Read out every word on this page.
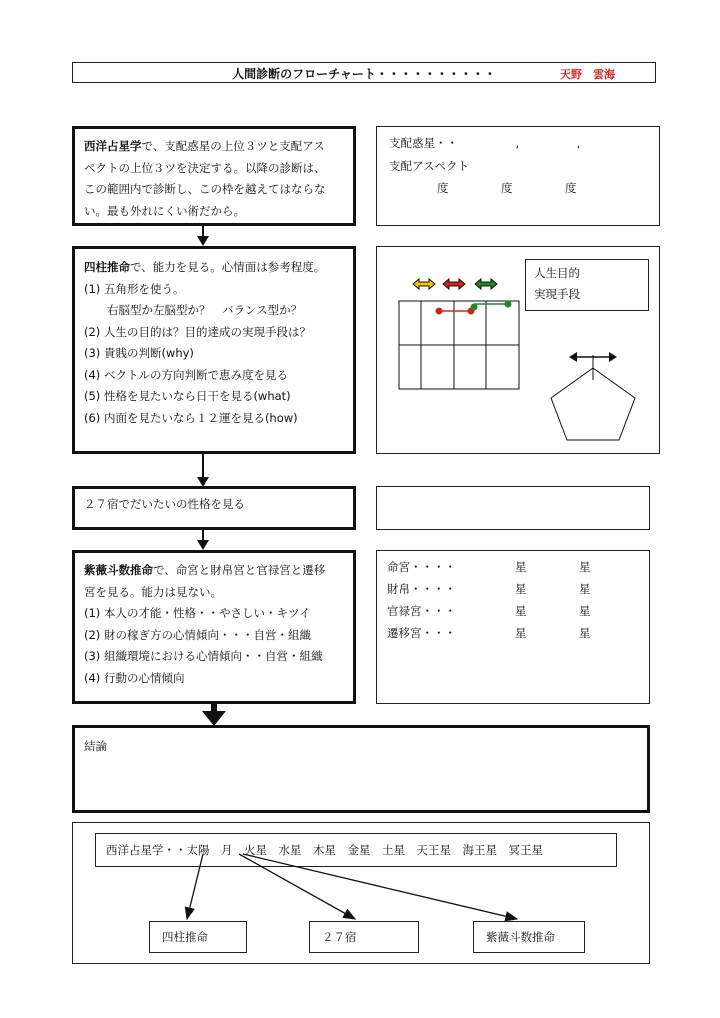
人間診断のフローチャート・・・・・・・・・・	天野　雲海
西洋占星学で、支配惑星の上位３ツと支配アス
ペクトの上位３ツを決定する。以降の診断は、
この範囲内で診断し、この枠を越えてはならな
い。最も外れにくい術だから。
支配惑星・・　　　　　,　　　　　,
支配アスペクト
度	度	度
四柱推命で、能力を見る。心情面は参考程度。
(1) 五角形を使う。
　　右脳型か左脳型か？　バランス型か？
(2) 人生の目的は？目的達成の実現手段は？
(3) 貴賎の判断(why)
(4) ベクトルの方向判断で恵み度を見る
(5) 性格を見たいなら日干を見る(what)
(6) 内面を見たいなら１２運を見る(how)
人生目的
実現手段
２７宿でだいたいの性格を見る
紫薇斗数推命で、命宮と財帛宮と官禄宮と遷移
宮を見る。能力は見ない。
(1) 本人の才能・性格・・やさしい・キツイ
(2) 財の稼ぎ方の心情傾向・・・自営・組織
(3) 組織環境における心情傾向・・自営・組織
(4) 行動の心情傾向
命宮・・・・	星	星
財帛・・・・	星	星
官禄宮・・・	星	星
遷移宮・・・	星	星
結論
西洋占星学・・太陽　月　火星　水星　木星　金星　土星　天王星　海王星　冥王星
四柱推命	２７宿	紫薇斗数推命
